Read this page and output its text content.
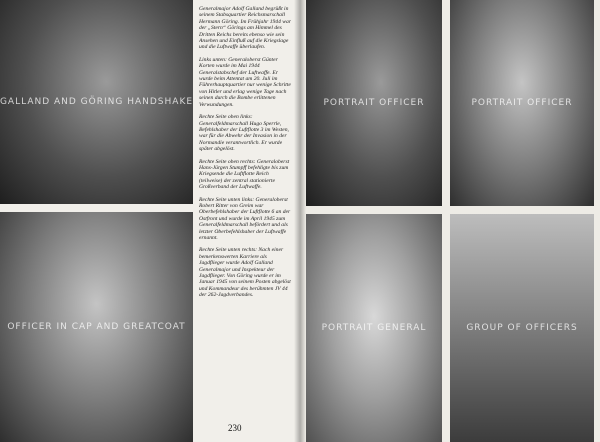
GALLAND AND GÖRING HANDSHAKE
OFFICER IN CAP AND GREATCOAT

Generalmajor Adolf Galland begrüßt in seinem Stabsquartier Reichsmarschall Hermann Göring. Im Frühjahr 1944 war der „Stern“ Görings am Himmel des Dritten Reichs bereits ebenso wie sein Ansehen und Einfluß auf die Kriegslage und die Luftwaffe überlaufen.

Links unten: Generaloberst Günter Korten wurde im Mai 1944 Generalstabschef der Luftwaffe. Er wurde beim Attentat am 20. Juli im Führerhauptquartier nur wenige Schritte von Hitler und erlag wenige Tage nach seinen durch die Bombe erlittenen Verwundungen.

Rechte Seite oben links: Generalfeldmarschall Hugo Sperrle, Befehlshaber der Luftflotte 3 im Westen, war für die Abwehr der Invasion in der Normandie verantwortlich. Er wurde später abgelöst.

Rechte Seite oben rechts: Generaloberst Hans-Jürgen Stumpff befehligte bis zum Kriegsende die Luftflotte Reich (teilweise) der zentral stationierte Großverband der Luftwaffe.

Rechte Seite unten links: Generaloberst Robert Ritter von Greim war Oberbefehlshaber der Luftflotte 6 an der Ostfront und wurde im April 1945 zum Generalfeldmarschall befördert und als letzter Oberbefehlshaber der Luftwaffe ernannt.

Rechte Seite unten rechts: Nach einer bemerkenswerten Karriere als Jagdflieger wurde Adolf Galland Generalmajor und Inspekteur der Jagdflieger. Von Göring wurde er im Januar 1945 von seinem Posten abgelöst und Kommandeur des berühmten JV 44 der 262-Jagdverbandes.

230
PORTRAIT OFFICER	PORTRAIT OFFICER
PORTRAIT GENERAL	GROUP OF OFFICERS
